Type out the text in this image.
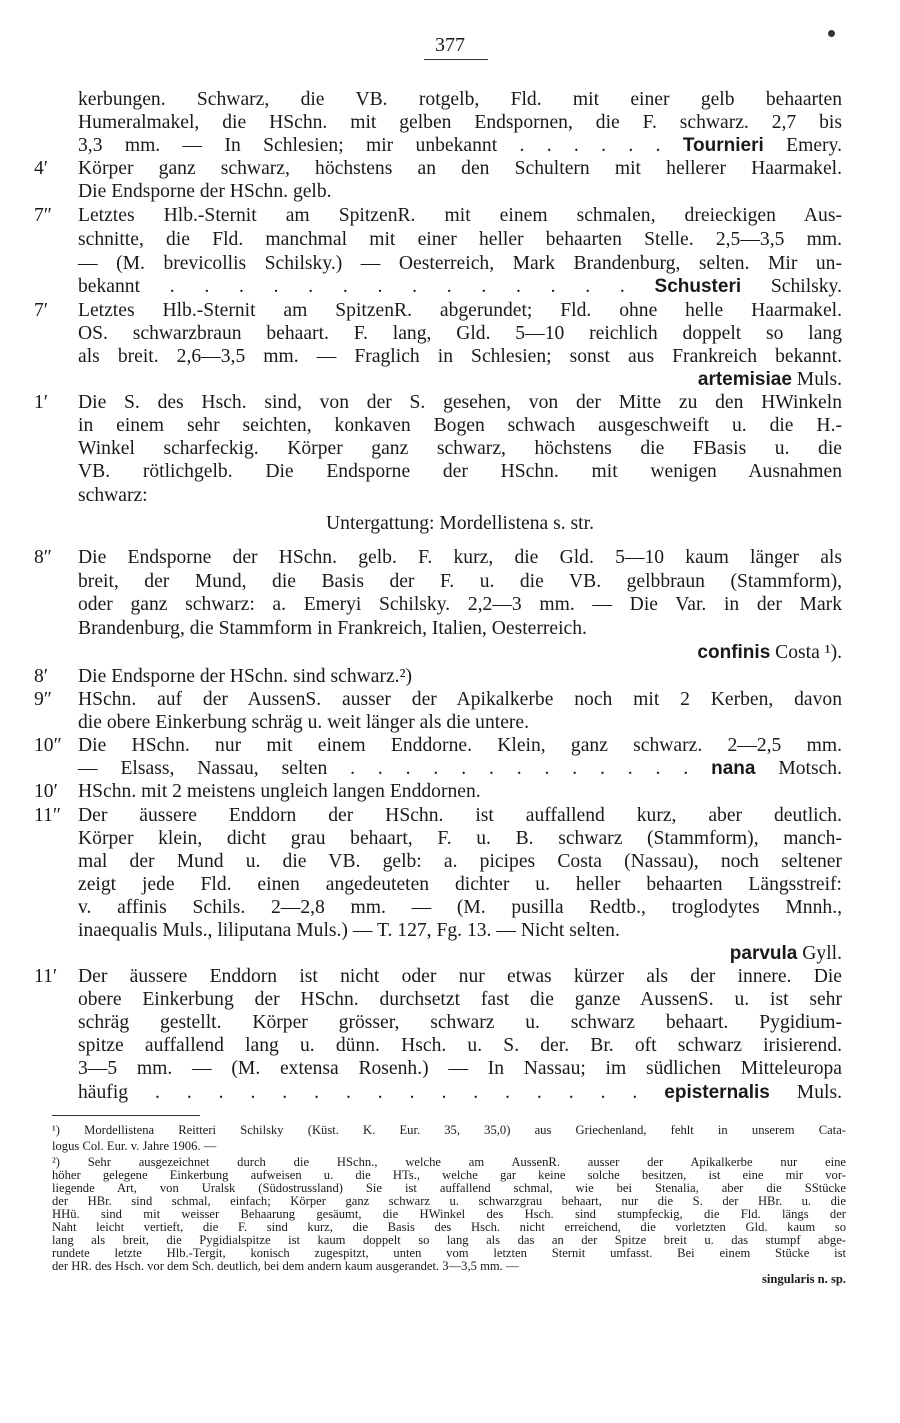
377
kerbungen. Schwarz, die VB. rotgelb, Fld. mit einer gelb behaarten
Humeralmakel, die HSchn. mit gelben Endspornen, die F. schwarz. 2,7 bis
3,3 mm. — In Schlesien; mir unbekannt . . . . . . Tournieri Emery.
4′	Körper ganz schwarz, höchstens an den Schultern mit hellerer Haarmakel.
Die Endsporne der HSchn. gelb.
7″	Letztes Hlb.-Sternit am SpitzenR. mit einem schmalen, dreieckigen Aus-
schnitte, die Fld. manchmal mit einer heller behaarten Stelle. 2,5—3,5 mm.
— (M. brevicollis Schilsky.) — Oesterreich, Mark Brandenburg, selten. Mir un-
bekannt . . . . . . . . . . . . . . Schusteri Schilsky.
7′	Letztes Hlb.-Sternit am SpitzenR. abgerundet; Fld. ohne helle Haarmakel.
OS. schwarzbraun behaart. F. lang, Gld. 5—10 reichlich doppelt so lang
als breit. 2,6—3,5 mm. — Fraglich in Schlesien; sonst aus Frankreich bekannt.
artemisiae Muls.
1′	Die S. des Hsch. sind, von der S. gesehen, von der Mitte zu den HWinkeln
in einem sehr seichten, konkaven Bogen schwach ausgeschweift u. die H.-
Winkel scharfeckig. Körper ganz schwarz, höchstens die FBasis u. die
VB. rötlichgelb. Die Endsporne der HSchn. mit wenigen Ausnahmen
schwarz:
8″	Die Endsporne der HSchn. gelb. F. kurz, die Gld. 5—10 kaum länger als
breit, der Mund, die Basis der F. u. die VB. gelbbraun (Stammform),
oder ganz schwarz: a. Emeryi Schilsky. 2,2—3 mm. — Die Var. in der Mark
Brandenburg, die Stammform in Frankreich, Italien, Oesterreich.
confinis Costa ¹).
8′	Die Endsporne der HSchn. sind schwarz.²)
9″	HSchn. auf der AussenS. ausser der Apikalkerbe noch mit 2 Kerben, davon
die obere Einkerbung schräg u. weit länger als die untere.
10″ Die HSchn. nur mit einem Enddorne. Klein, ganz schwarz. 2—2,5 mm.
— Elsass, Nassau, selten . . . . . . . . . . . . . nana Motsch.
10′	HSchn. mit 2 meistens ungleich langen Enddornen.
11″ Der äussere Enddorn der HSchn. ist auffallend kurz, aber deutlich.
Körper klein, dicht grau behaart, F. u. B. schwarz (Stammform), manch-
mal der Mund u. die VB. gelb: a. picipes Costa (Nassau), noch seltener
zeigt jede Fld. einen angedeuteten dichter u. heller behaarten Längsstreif:
v. affinis Schils. 2—2,8 mm. — (M. pusilla Redtb., troglodytes Mnnh.,
inaequalis Muls., liliputana Muls.) — T. 127, Fg. 13. — Nicht selten.
parvula Gyll.
11′	Der äussere Enddorn ist nicht oder nur etwas kürzer als der innere. Die
obere Einkerbung der HSchn. durchsetzt fast die ganze AussenS. u. ist sehr
schräg gestellt. Körper grösser, schwarz u. schwarz behaart. Pygidium-
spitze auffallend lang u. dünn. Hsch. u. S. der. Br. oft schwarz irisierend.
3—5 mm. — (M. extensa Rosenh.) — In Nassau; im südlichen Mitteleuropa
häufig . . . . . . . . . . . . . . . . episternalis Muls.
Untergattung: Mordellistena s. str.
¹) Mordellistena Reitteri Schilsky (Küst. K. Eur. 35, 35,0) aus Griechenland, fehlt in unserem Cata-
logus Col. Eur. v. Jahre 1906. —
²) Sehr ausgezeichnet durch die HSchn., welche am AussenR. ausser der Apikalkerbe nur eine
höher gelegene Einkerbung aufweisen u. die HTs., welche gar keine solche besitzen, ist eine mir vor-
liegende Art, von Uralsk (Südostrussland) Sie ist auffallend schmal, wie bei Stenalia, aber die SStücke
der HBr. sind schmal, einfach; Körper ganz schwarz u. schwarzgrau behaart, nur die S. der HBr. u. die
HHü. sind mit weisser Behaarung gesäumt, die HWinkel des Hsch. sind stumpfeckig, die Fld. längs der
Naht leicht vertieft, die F. sind kurz, die Basis des Hsch. nicht erreichend, die vorletzten Gld. kaum so
lang als breit, die Pygidialspitze ist kaum doppelt so lang als das an der Spitze breit u. das stumpf abge-
rundete letzte Hlb.-Tergit, konisch zugespitzt, unten vom letzten Sternit umfasst. Bei einem Stücke ist
der HR. des Hsch. vor dem Sch. deutlich, bei dem andern kaum ausgerandet. 3—3,5 mm. —
singularis n. sp.
